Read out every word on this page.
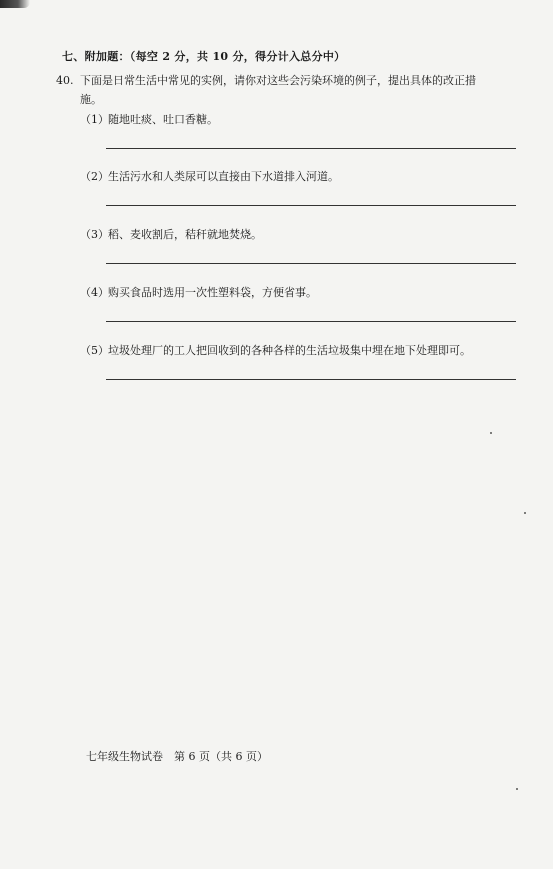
七、附加题：（每空 2 分，共 10 分，得分计入总分中）
40. 下面是日常生活中常见的实例，请你对这些会污染环境的例子，提出具体的改正措
施。
（1）随地吐痰、吐口香糖。
（2）生活污水和人类尿可以直接由下水道排入河道。
（3）稻、麦收割后，秸秆就地焚烧。
（4）购买食品时选用一次性塑料袋，方便省事。
（5）垃圾处理厂的工人把回收到的各种各样的生活垃圾集中埋在地下处理即可。
七年级生物试卷　第 6 页（共 6 页）
